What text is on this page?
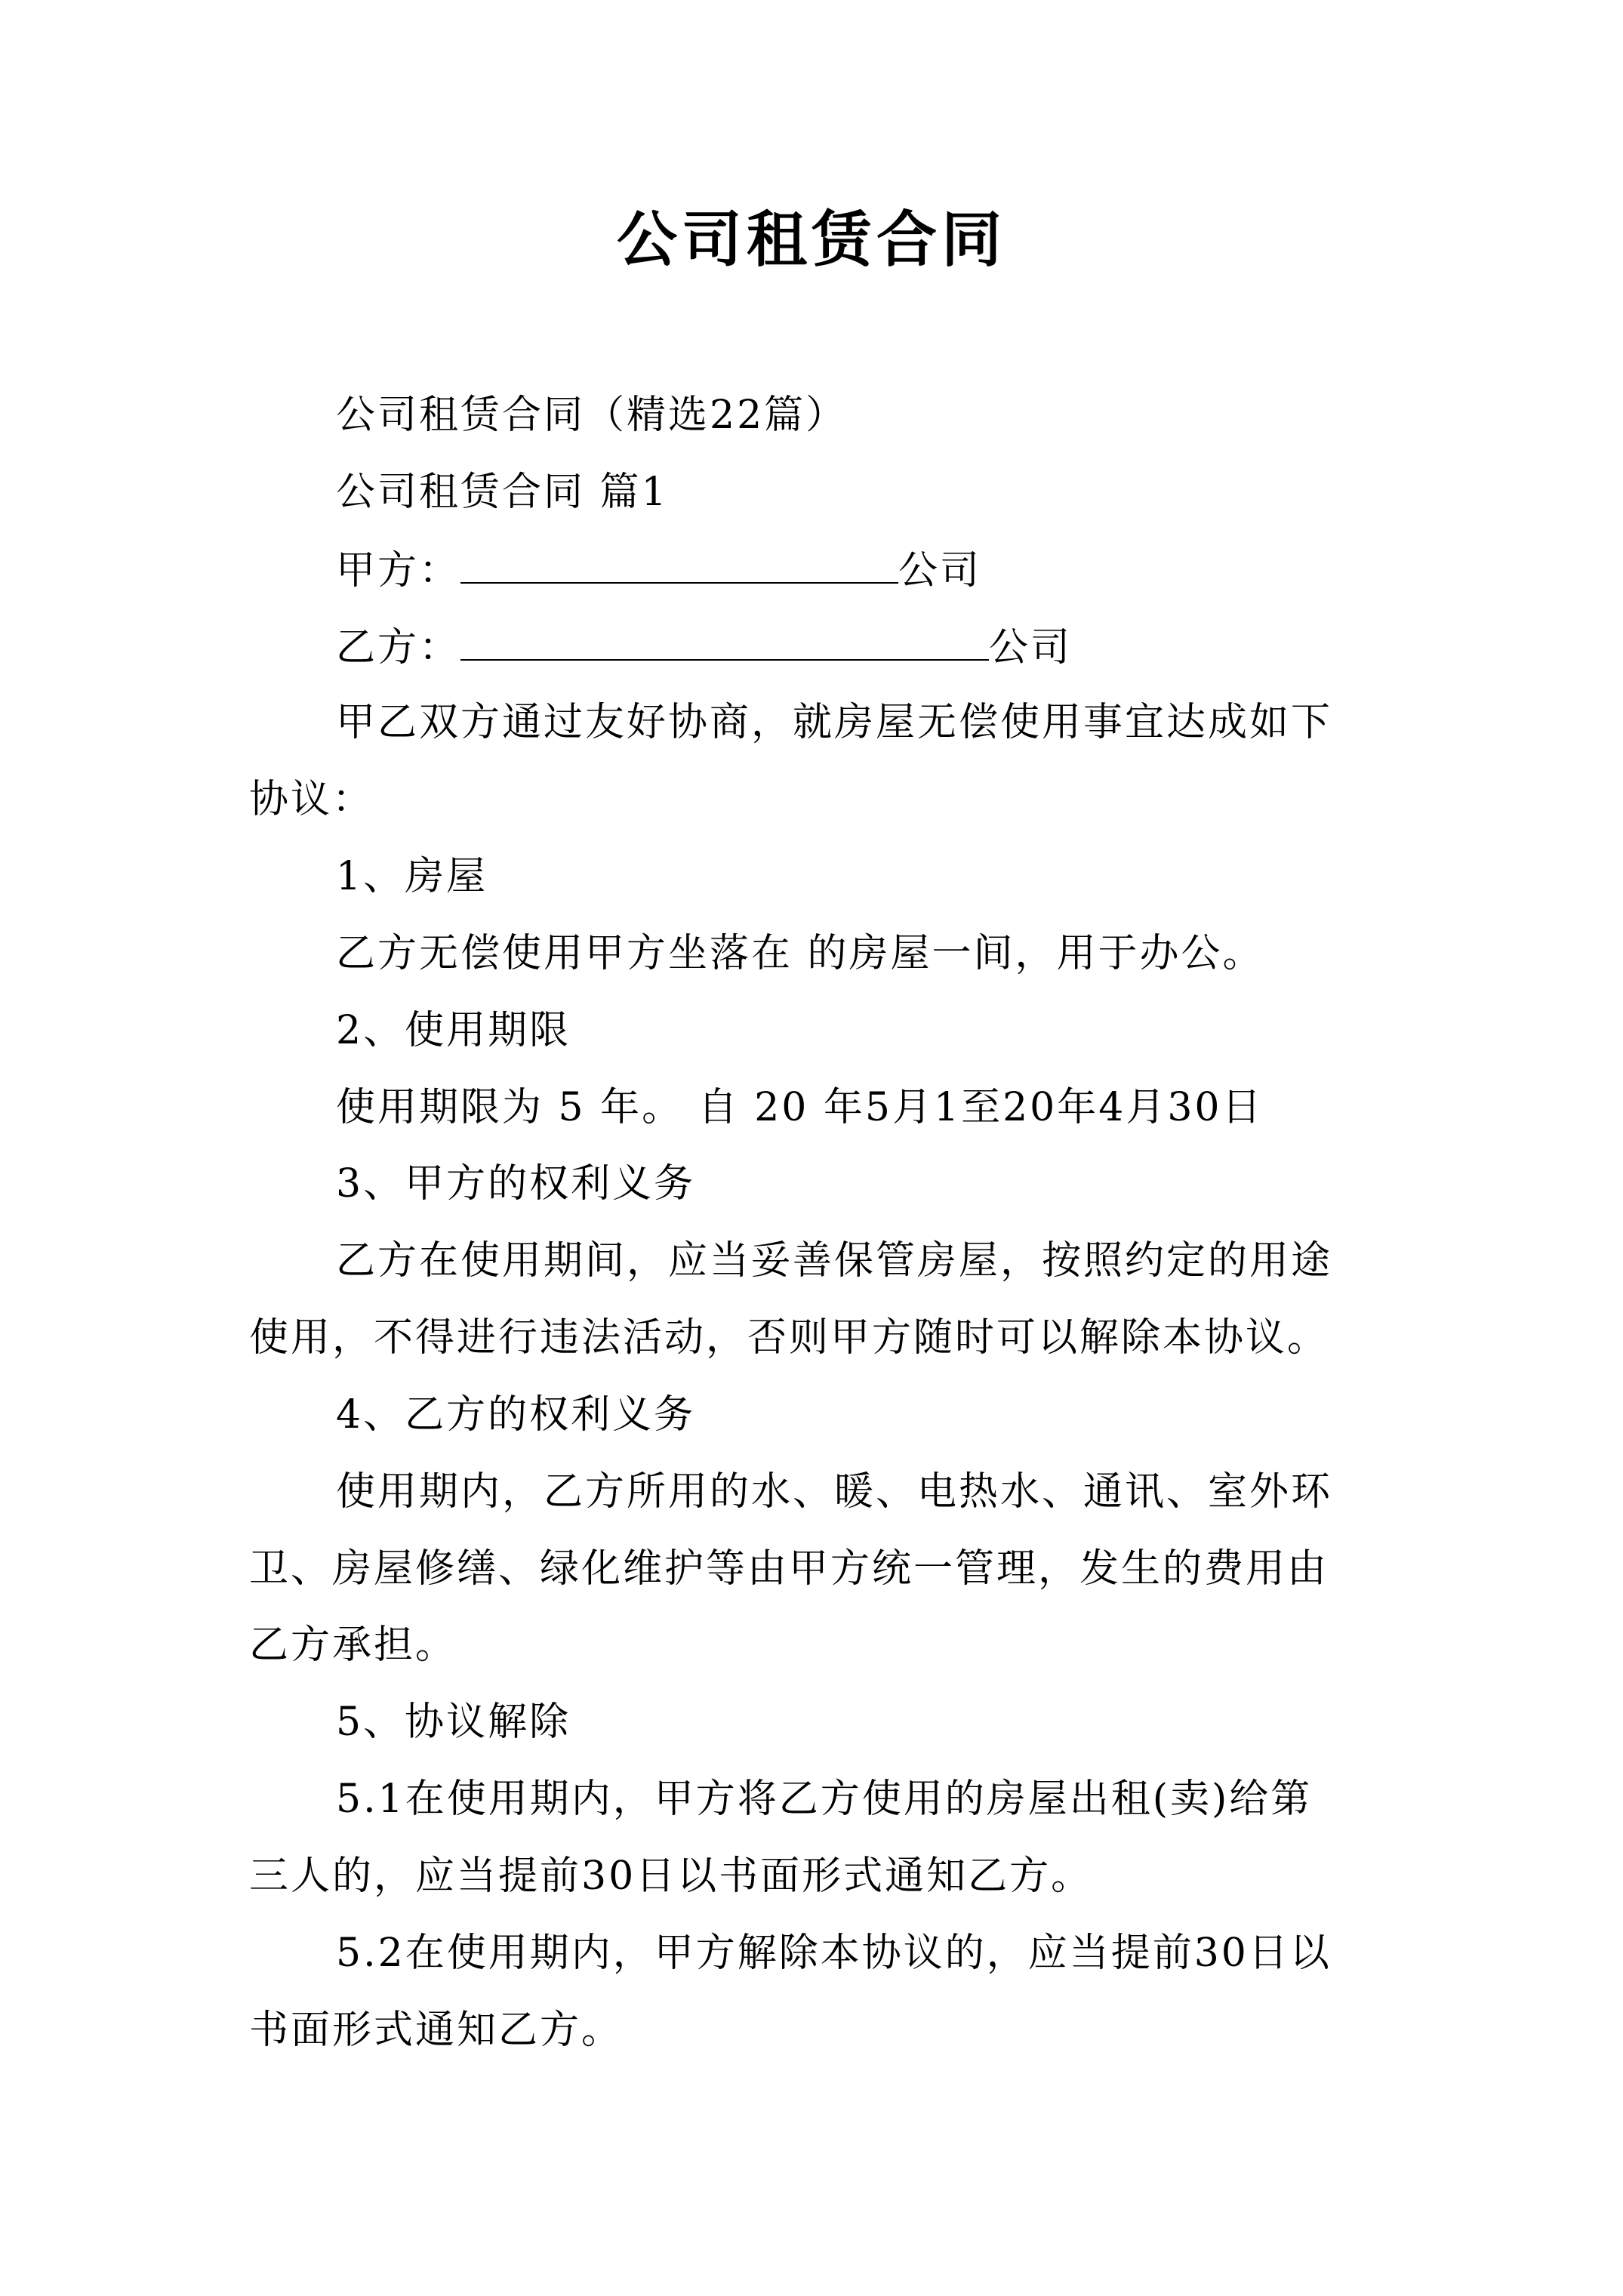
公司租赁合同
公司租赁合同（精选22篇）
公司租赁合同 篇1
甲方：	公司
乙方：	公司
甲乙双方通过友好协商，就房屋无偿使用事宜达成如下
协议：
1、房屋
乙方无偿使用甲方坐落在 的房屋一间，用于办公。
2、使用期限
使用期限为 5 年。 自 20 年5月1至20年4月30日
3、甲方的权利义务
乙方在使用期间，应当妥善保管房屋，按照约定的用途
使用，不得进行违法活动，否则甲方随时可以解除本协议。
4、乙方的权利义务
使用期内，乙方所用的水、暖、电热水、通讯、室外环
卫、房屋修缮、绿化维护等由甲方统一管理，发生的费用由
乙方承担。
5、协议解除
5.1在使用期内，甲方将乙方使用的房屋出租(卖)给第
三人的，应当提前30日以书面形式通知乙方。
5.2在使用期内，甲方解除本协议的，应当提前30日以
书面形式通知乙方。
